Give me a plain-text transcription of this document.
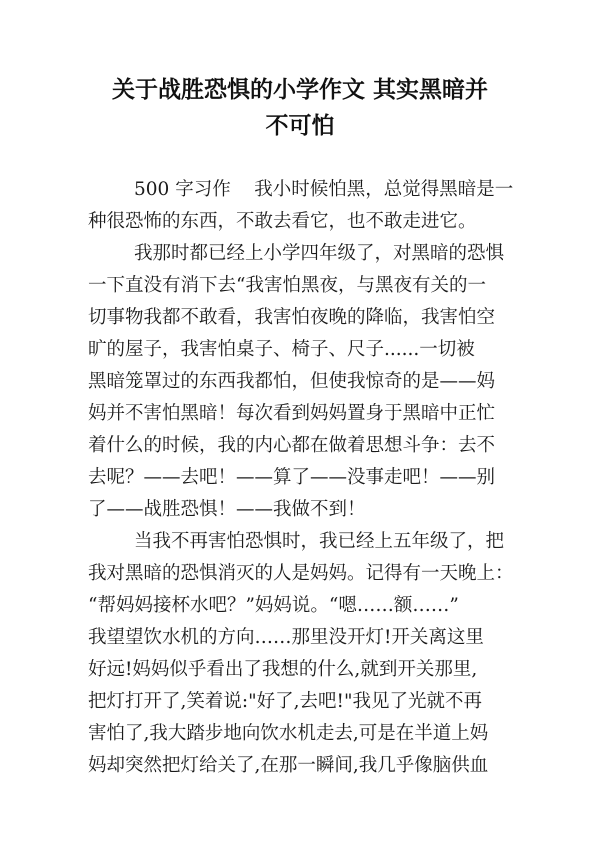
关于战胜恐惧的小学作文 其实黑暗并
不可怕
500 字习作    我小时候怕黑，总觉得黑暗是一
种很恐怖的东西，不敢去看它，也不敢走进它。
我那时都已经上小学四年级了，对黑暗的恐惧
一下直没有消下去“我害怕黑夜，与黑夜有关的一
切事物我都不敢看，我害怕夜晚的降临，我害怕空
旷的屋子，我害怕桌子、椅子、尺子......一切被
黑暗笼罩过的东西我都怕，但使我惊奇的是——妈
妈并不害怕黑暗！每次看到妈妈置身于黑暗中正忙
着什么的时候，我的内心都在做着思想斗争：去不
去呢？——去吧！——算了——没事走吧！——别
了——战胜恐惧！——我做不到！
当我不再害怕恐惧时，我已经上五年级了，把
我对黑暗的恐惧消灭的人是妈妈。记得有一天晚上：
“帮妈妈接杯水吧？”妈妈说。“嗯……额……”
我望望饮水机的方向……那里没开灯!开关离这里
好远!妈妈似乎看出了我想的什么,就到开关那里,
把灯打开了,笑着说:"好了,去吧!"我见了光就不再
害怕了,我大踏步地向饮水机走去,可是在半道上妈
妈却突然把灯给关了,在那一瞬间,我几乎像脑供血
